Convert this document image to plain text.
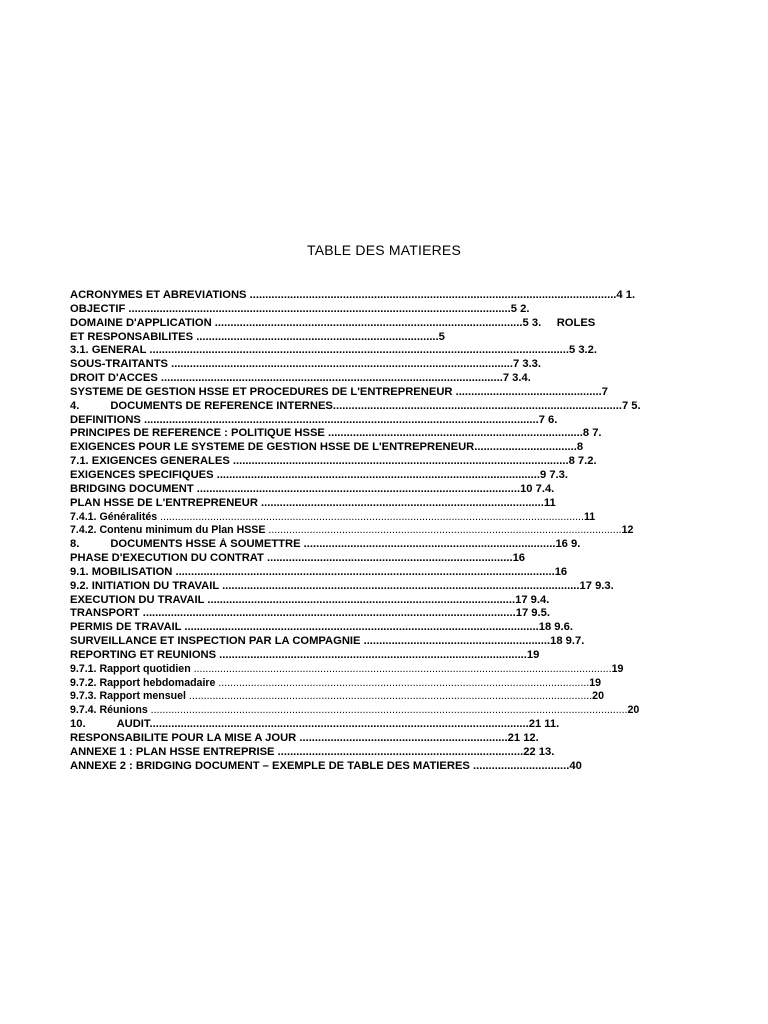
TABLE DES MATIERES
ACRONYMES ET ABREVIATIONS ......................................................................................................................4 1.
OBJECTIF ...........................................................................................................................5 2.
DOMAINE D'APPLICATION ...................................................................................................5 3.     ROLES
ET RESPONSABILITES ..............................................................................5
3.1. GENERAL .......................................................................................................................................5 3.2.
SOUS-TRAITANTS ..............................................................................................................7 3.3.
DROIT D'ACCES ..............................................................................................................7 3.4.
SYSTEME DE GESTION HSSE ET PROCEDURES DE L'ENTREPRENEUR ...............................................7
4.	DOCUMENTS DE REFERENCE INTERNES.............................................................................................7 5.
DEFINITIONS ...............................................................................................................................7 6.
PRINCIPES DE REFERENCE : POLITIQUE HSSE ..................................................................................8 7.
EXIGENCES POUR LE SYSTEME DE GESTION HSSE DE L'ENTREPRENEUR.................................8
7.1. EXIGENCES GENERALES ............................................................................................................8 7.2.
EXIGENCES SPECIFIQUES ........................................................................................................9 7.3.
BRIDGING DOCUMENT ........................................................................................................10 7.4.
PLAN HSSE DE L'ENTREPRENEUR ...........................................................................................11
7.4.1. Généralités ................................................................................................................................................11
7.4.2. Contenu minimum du Plan HSSE ........................................................................................................................12
8.	DOCUMENTS HSSE À SOUMETTRE .................................................................................16 9.
PHASE D'EXECUTION DU CONTRAT ...............................................................................16
9.1. MOBILISATION ..........................................................................................................................16
9.2. INITIATION DU TRAVAIL ...................................................................................................................17 9.3.
EXECUTION DU TRAVAIL ...................................................................................................17 9.4.
TRANSPORT ........................................................................................................................17 9.5.
PERMIS DE TRAVAIL ..................................................................................................................18 9.6.
SURVEILLANCE ET INSPECTION PAR LA COMPAGNIE ............................................................18 9.7.
REPORTING ET REUNIONS ...................................................................................................19
9.7.1. Rapport quotidien ..............................................................................................................................................19
9.7.2. Rapport hebdomadaire ..............................................................................................................................19
9.7.3. Rapport mensuel .........................................................................................................................................20
9.7.4. Réunions ..................................................................................................................................................................20
10.	AUDIT..........................................................................................................................21 11.
RESPONSABILITE POUR LA MISE A JOUR ...................................................................21 12.
ANNEXE 1 : PLAN HSSE ENTREPRISE ...............................................................................22 13.
ANNEXE 2 : BRIDGING DOCUMENT – EXEMPLE DE TABLE DES MATIERES ...............................40
